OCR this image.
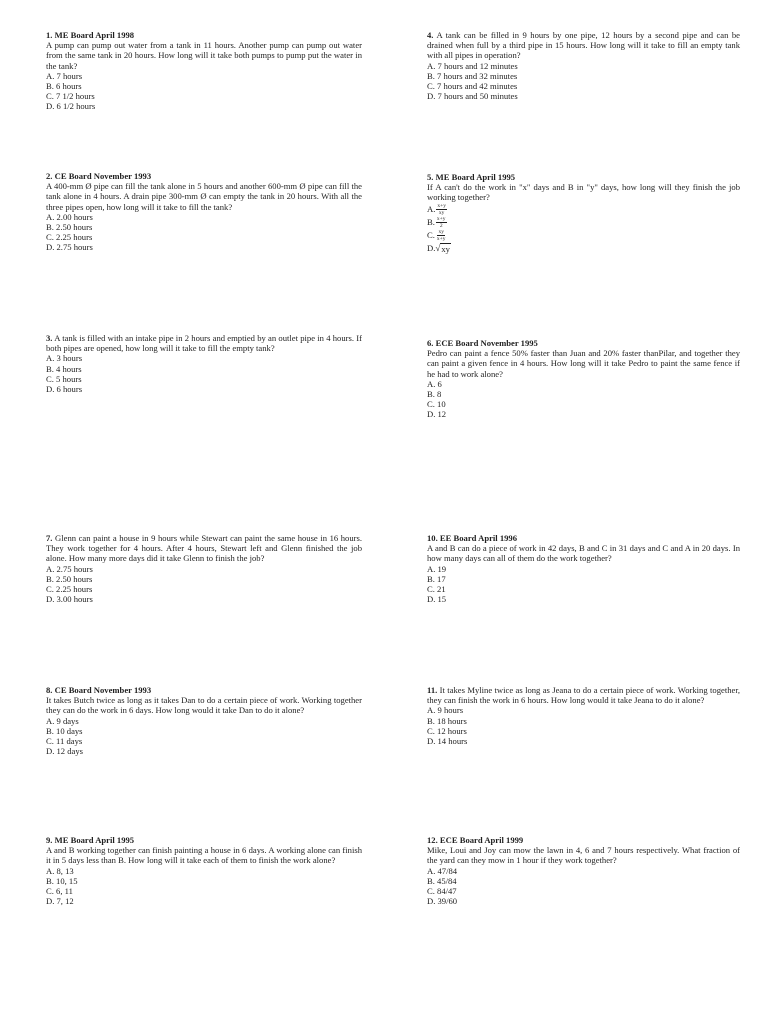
1. ME Board April 1998

A pump can pump out water from a tank in 11 hours. Another pump can pump out water from the same tank in 20 hours. How long will it take both pumps to pump put the water in the tank?

A. 7 hours
B. 6 hours
C. 7 1/2 hours
D. 6 1/2 hours

2. CE Board November 1993

A 400-mm Ø pipe can fill the tank alone in 5 hours and another 600-mm Ø pipe can fill the tank alone in 4 hours. A drain pipe 300-mm Ø can empty the tank in 20 hours. With all the three pipes open, how long will it take to fill the tank?

A. 2.00 hours
B. 2.50 hours
C. 2.25 hours
D. 2.75 hours

3. A tank is filled with an intake pipe in 2 hours and emptied by an outlet pipe in 4 hours. If both pipes are opened, how long will it take to fill the empty tank?

A. 3 hours
B. 4 hours
C. 5 hours
D. 6 hours

7. Glenn can paint a house in 9 hours while Stewart can paint the same house in 16 hours. They work together for 4 hours. After 4 hours, Stewart left and Glenn finished the job alone. How many more days did it take Glenn to finish the job?

A. 2.75 hours
B. 2.50 hours
C. 2.25 hours
D. 3.00 hours

8. CE Board November 1993

It takes Butch twice as long as it takes Dan to do a certain piece of work. Working together they can do the work in 6 days. How long would it take Dan to do it alone?

A. 9 days
B. 10 days
C. 11 days
D. 12 days

9. ME Board April 1995

A and B working together can finish painting a house in 6 days. A working alone can finish it in 5 days less than B. How long will it take each of them to finish the work alone?

A. 8, 13
B. 10, 15
C. 6, 11
D. 7, 12

4. A tank can be filled in 9 hours by one pipe, 12 hours by a second pipe and can be drained when full by a third pipe in 15 hours. How long will it take to fill an empty tank with all pipes in operation?

A. 7 hours and 12 minutes
B. 7 hours and 32 minutes
C. 7 hours and 42 minutes
D. 7 hours and 50 minutes

5. ME Board April 1995

If A can't do the work in "x" days and B in "y" days, how long will they finish the job working together?

A. $\frac{x+y}{xy}$
B. $\frac{x+y}{2}$
C. $\frac{xy}{x+y}$
D. √ xy

6. ECE Board November 1995

Pedro can paint a fence 50% faster than Juan and 20% faster thanPilar, and together they can paint a given fence in 4 hours. How long will it take Pedro to paint the same fence if he had to work alone?

A. 6
B. 8
C. 10
D. 12

10. EE Board April 1996

A and B can do a piece of work in 42 days, B and C in 31 days and C and A in 20 days. In how many days can all of them do the work together?

A. 19
B. 17
C. 21
D. 15

11. It takes Myline twice as long as Jeana to do a certain piece of work. Working together, they can finish the work in 6 hours. How long would it take Jeana to do it alone?

A. 9 hours
B. 18 hours
C. 12 hours
D. 14 hours

12. ECE Board April 1999

Mike, Loui and Joy can mow the lawn in 4, 6 and 7 hours respectively. What fraction of the yard can they mow in 1 hour if they work together?

A. 47/84
B. 45/84
C. 84/47
D. 39/60
